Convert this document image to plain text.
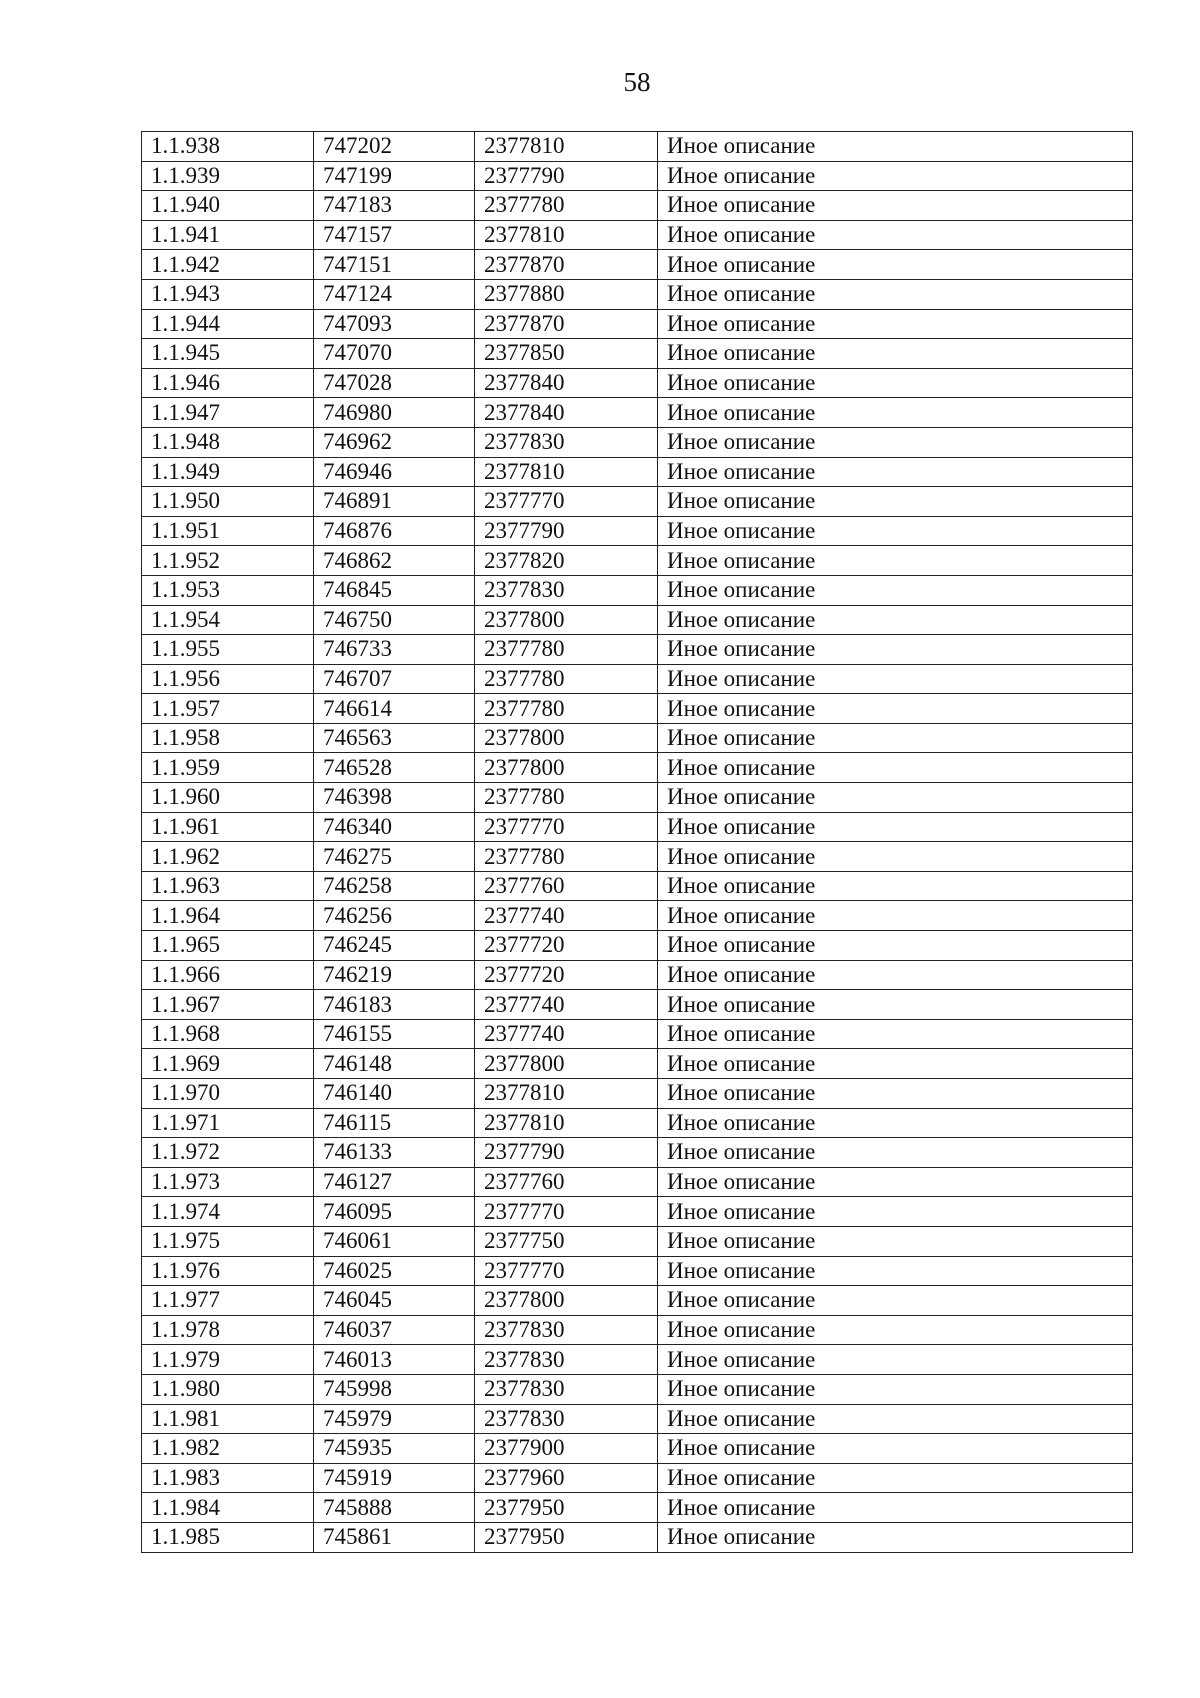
58
1.1.938	747202	2377810	Иное описание
1.1.939	747199	2377790	Иное описание
1.1.940	747183	2377780	Иное описание
1.1.941	747157	2377810	Иное описание
1.1.942	747151	2377870	Иное описание
1.1.943	747124	2377880	Иное описание
1.1.944	747093	2377870	Иное описание
1.1.945	747070	2377850	Иное описание
1.1.946	747028	2377840	Иное описание
1.1.947	746980	2377840	Иное описание
1.1.948	746962	2377830	Иное описание
1.1.949	746946	2377810	Иное описание
1.1.950	746891	2377770	Иное описание
1.1.951	746876	2377790	Иное описание
1.1.952	746862	2377820	Иное описание
1.1.953	746845	2377830	Иное описание
1.1.954	746750	2377800	Иное описание
1.1.955	746733	2377780	Иное описание
1.1.956	746707	2377780	Иное описание
1.1.957	746614	2377780	Иное описание
1.1.958	746563	2377800	Иное описание
1.1.959	746528	2377800	Иное описание
1.1.960	746398	2377780	Иное описание
1.1.961	746340	2377770	Иное описание
1.1.962	746275	2377780	Иное описание
1.1.963	746258	2377760	Иное описание
1.1.964	746256	2377740	Иное описание
1.1.965	746245	2377720	Иное описание
1.1.966	746219	2377720	Иное описание
1.1.967	746183	2377740	Иное описание
1.1.968	746155	2377740	Иное описание
1.1.969	746148	2377800	Иное описание
1.1.970	746140	2377810	Иное описание
1.1.971	746115	2377810	Иное описание
1.1.972	746133	2377790	Иное описание
1.1.973	746127	2377760	Иное описание
1.1.974	746095	2377770	Иное описание
1.1.975	746061	2377750	Иное описание
1.1.976	746025	2377770	Иное описание
1.1.977	746045	2377800	Иное описание
1.1.978	746037	2377830	Иное описание
1.1.979	746013	2377830	Иное описание
1.1.980	745998	2377830	Иное описание
1.1.981	745979	2377830	Иное описание
1.1.982	745935	2377900	Иное описание
1.1.983	745919	2377960	Иное описание
1.1.984	745888	2377950	Иное описание
1.1.985	745861	2377950	Иное описание
